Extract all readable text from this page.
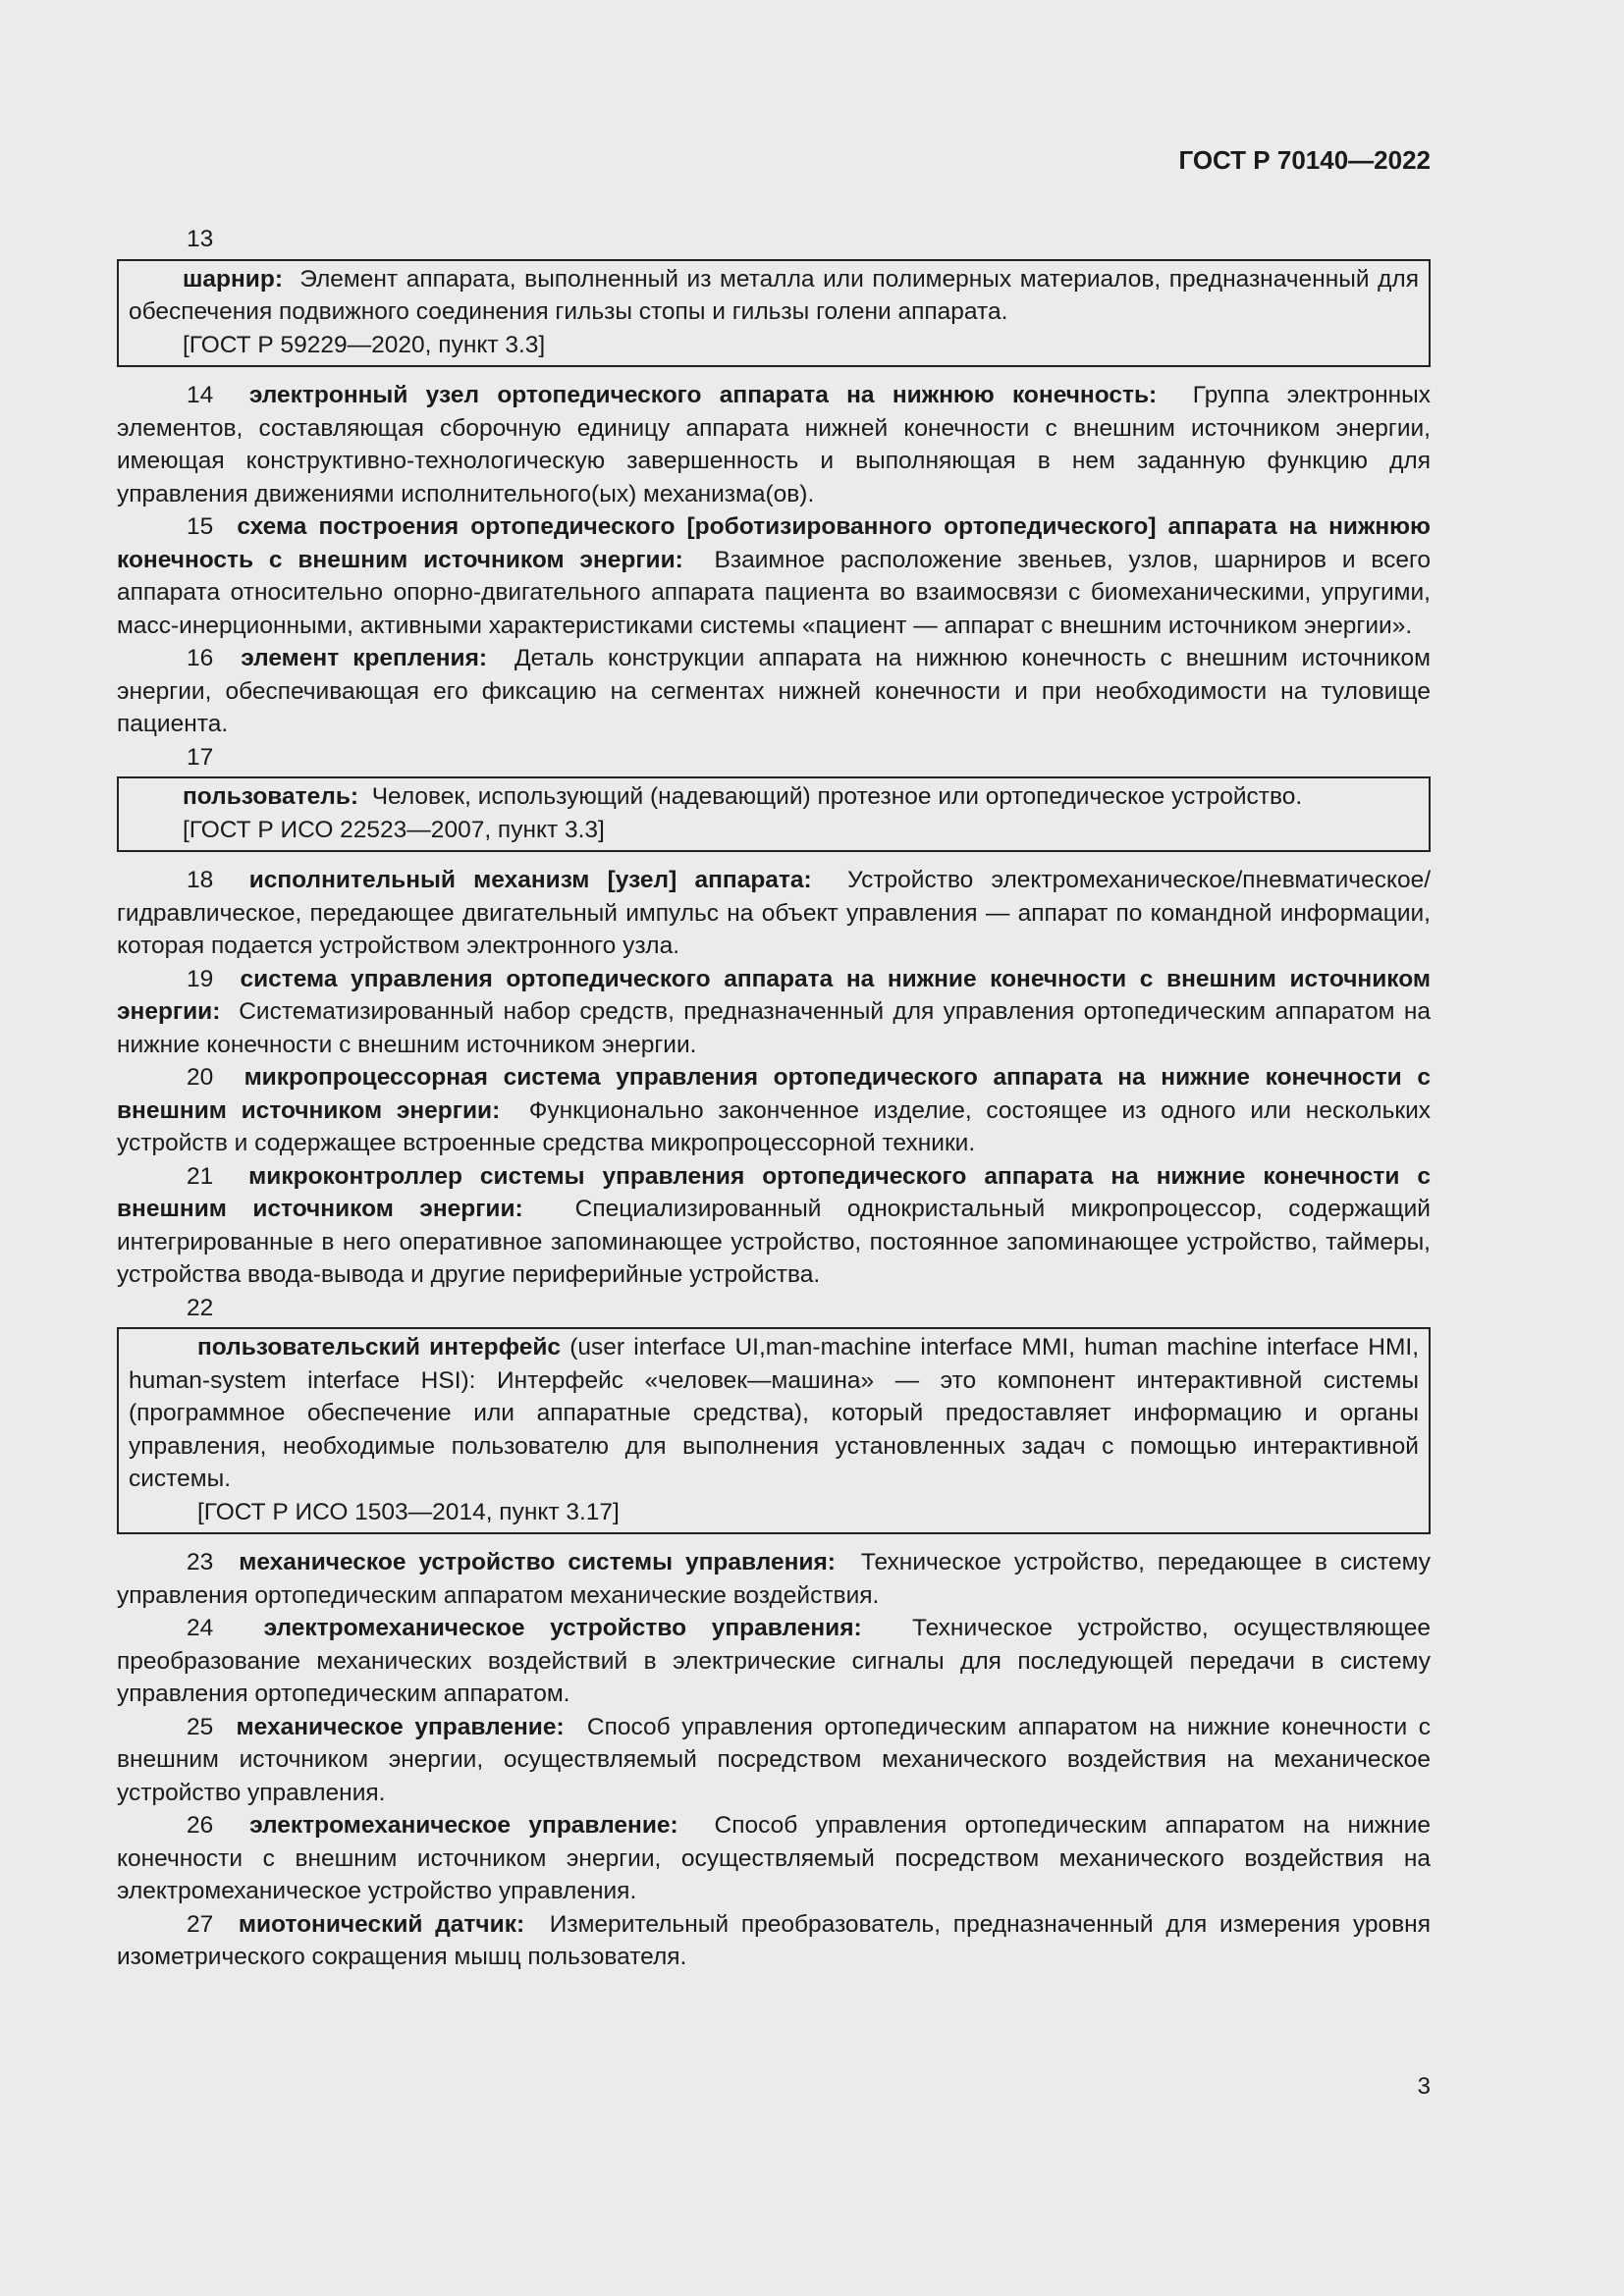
ГОСТ Р 70140—2022

13

шарнир: Элемент аппарата, выполненный из металла или полимерных материалов, предназначенный для обеспечения подвижного соединения гильзы стопы и гильзы голени аппарата.

[ГОСТ Р 59229—2020, пункт 3.3]

14 электронный узел ортопедического аппарата на нижнюю конечность: Группа электронных элементов, составляющая сборочную единицу аппарата нижней конечности с внешним источником энергии, имеющая конструктивно-технологическую завершенность и выполняющая в нем заданную функцию для управления движениями исполнительного(ых) механизма(ов).

15 схема построения ортопедического [роботизированного ортопедического] аппарата на нижнюю конечность с внешним источником энергии: Взаимное расположение звеньев, узлов, шарниров и всего аппарата относительно опорно-двигательного аппарата пациента во взаимосвязи с биомеханическими, упругими, масс-инерционными, активными характеристиками системы «пациент — аппарат с внешним источником энергии».

16 элемент крепления: Деталь конструкции аппарата на нижнюю конечность с внешним источником энергии, обеспечивающая его фиксацию на сегментах нижней конечности и при необходимости на туловище пациента.

17

пользователь: Человек, использующий (надевающий) протезное или ортопедическое устройство.

[ГОСТ Р ИСО 22523—2007, пункт 3.3]

18 исполнительный механизм [узел] аппарата: Устройство электромеханическое/пневматическое/гидравлическое, передающее двигательный импульс на объект управления — аппарат по командной информации, которая подается устройством электронного узла.

19 система управления ортопедического аппарата на нижние конечности с внешним источником энергии: Систематизированный набор средств, предназначенный для управления ортопедическим аппаратом на нижние конечности с внешним источником энергии.

20 микропроцессорная система управления ортопедического аппарата на нижние конечности с внешним источником энергии: Функционально законченное изделие, состоящее из одного или нескольких устройств и содержащее встроенные средства микропроцессорной техники.

21 микроконтроллер системы управления ортопедического аппарата на нижние конечности с внешним источником энергии: Специализированный однокристальный микропроцессор, содержащий интегрированные в него оперативное запоминающее устройство, постоянное запоминающее устройство, таймеры, устройства ввода-вывода и другие периферийные устройства.

22

пользовательский интерфейс (user interface UI,man-machine interface MMI, human machine interface HMI, human-system interface HSI): Интерфейс «человек—машина» — это компонент интерактивной системы (программное обеспечение или аппаратные средства), который предоставляет информацию и органы управления, необходимые пользователю для выполнения установленных задач с помощью интерактивной системы.

[ГОСТ Р ИСО 1503—2014, пункт 3.17]

23 механическое устройство системы управления: Техническое устройство, передающее в систему управления ортопедическим аппаратом механические воздействия.

24 электромеханическое устройство управления: Техническое устройство, осуществляющее преобразование механических воздействий в электрические сигналы для последующей передачи в систему управления ортопедическим аппаратом.

25 механическое управление: Способ управления ортопедическим аппаратом на нижние конечности с внешним источником энергии, осуществляемый посредством механического воздействия на механическое устройство управления.

26 электромеханическое управление: Способ управления ортопедическим аппаратом на нижние конечности с внешним источником энергии, осуществляемый посредством механического воздействия на электромеханическое устройство управления.

27 миотонический датчик: Измерительный преобразователь, предназначенный для измерения уровня изометрического сокращения мышц пользователя.

3
